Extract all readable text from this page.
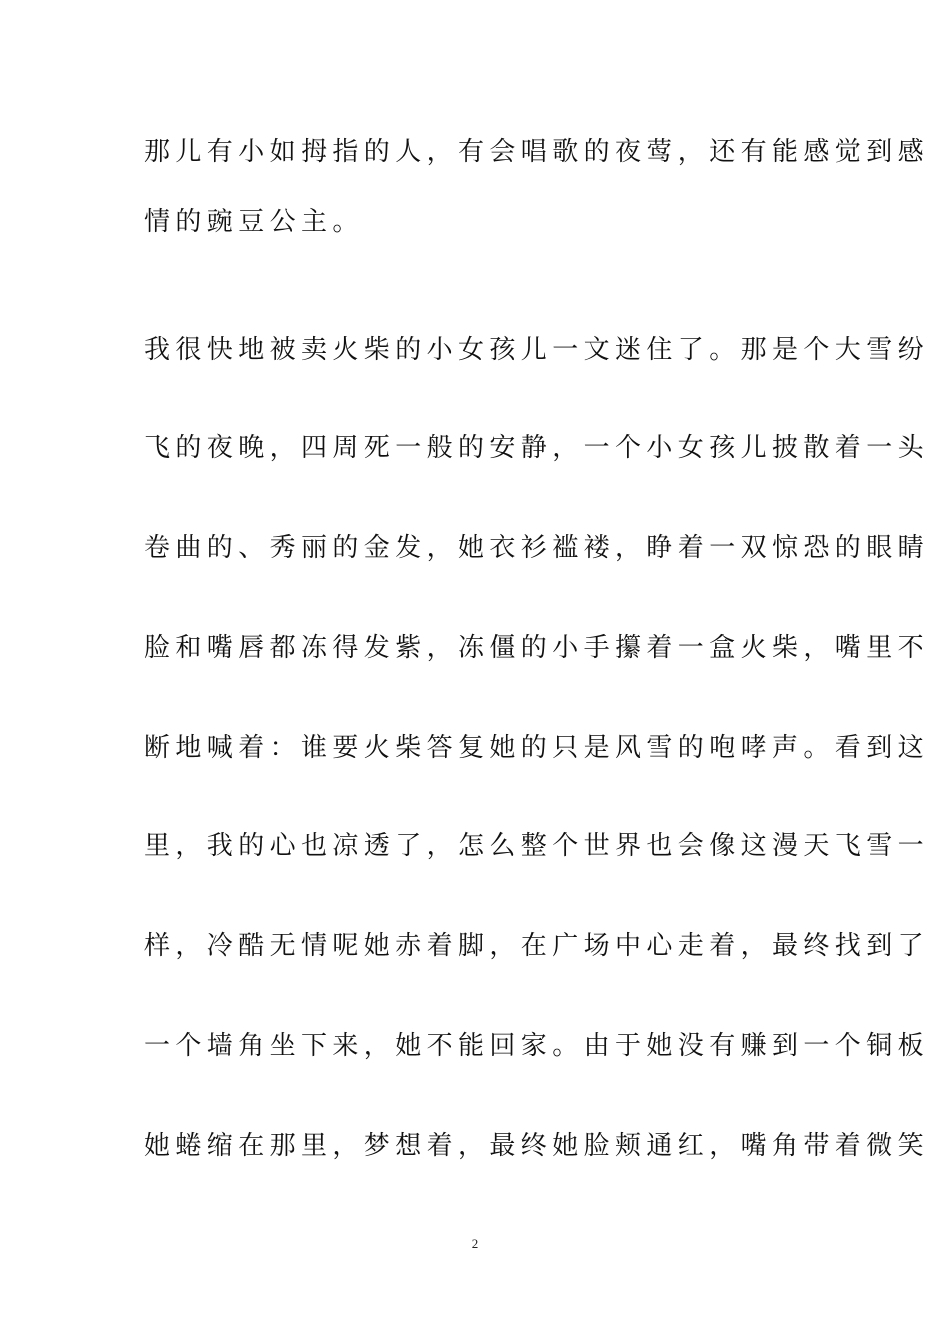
那儿有小如拇指的人，有会唱歌的夜莺，还有能感觉到感
情的豌豆公主。
我很快地被卖火柴的小女孩儿一文迷住了。那是个大雪纷
飞的夜晚，四周死一般的安静，一个小女孩儿披散着一头
卷曲的、秀丽的金发，她衣衫褴褛，睁着一双惊恐的眼睛
脸和嘴唇都冻得发紫，冻僵的小手攥着一盒火柴，嘴里不
断地喊着：谁要火柴答复她的只是风雪的咆哮声。看到这
里，我的心也凉透了，怎么整个世界也会像这漫天飞雪一
样，冷酷无情呢她赤着脚，在广场中心走着，最终找到了
一个墙角坐下来，她不能回家。由于她没有赚到一个铜板
她蜷缩在那里，梦想着，最终她脸颊通红，嘴角带着微笑
2
